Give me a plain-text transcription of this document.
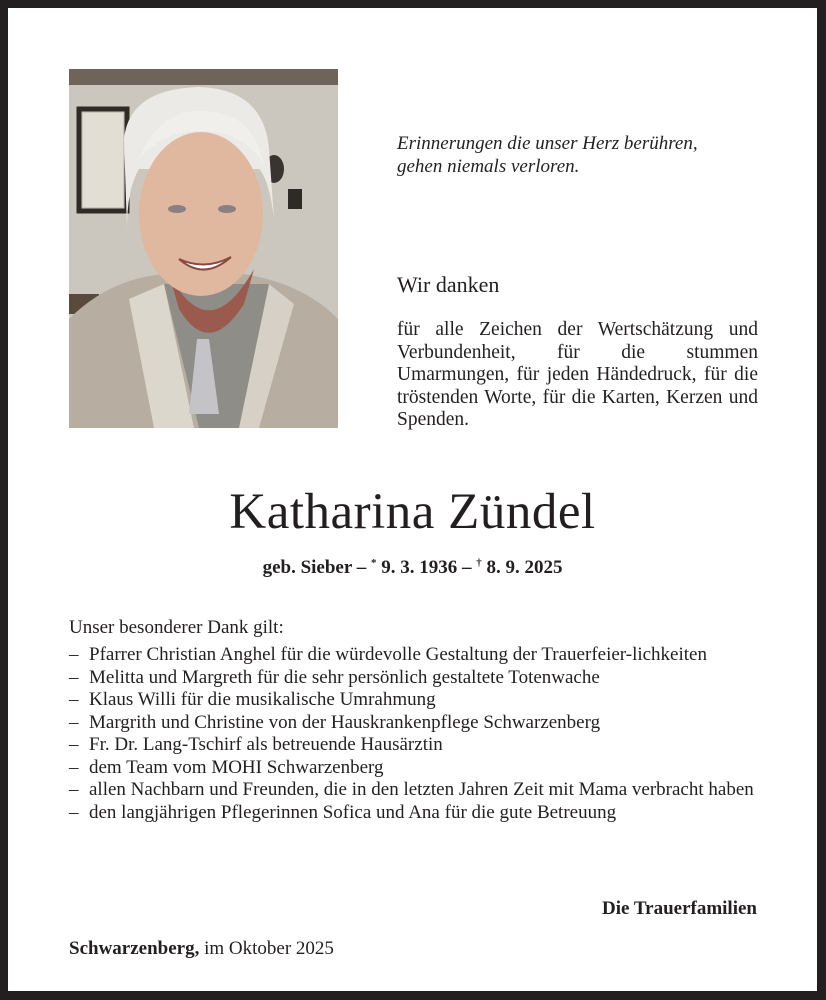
Erinnerungen die unser Herz berühren,
gehen niemals verloren.
Wir danken
für alle Zeichen der Wertschätzung und Verbundenheit, für die stummen Umarmungen, für jeden Händedruck, für die tröstenden Worte, für die Karten, Kerzen und Spenden.
Katharina Zündel
geb. Sieber – * 9. 3. 1936 – † 8. 9. 2025
Unser besonderer Dank gilt:
– Pfarrer Christian Anghel für die würdevolle Gestaltung der Trauerfeier-lichkeiten
– Melitta und Margreth für die sehr persönlich gestaltete Totenwache
– Klaus Willi für die musikalische Umrahmung
– Margrith und Christine von der Hauskrankenpflege Schwarzenberg
– Fr. Dr. Lang-Tschirf als betreuende Hausärztin
– dem Team vom MOHI Schwarzenberg
– allen Nachbarn und Freunden, die in den letzten Jahren Zeit mit Mama verbracht haben
– den langjährigen Pflegerinnen Sofica und Ana für die gute Betreuung
Die Trauerfamilien
Schwarzenberg, im Oktober 2025
